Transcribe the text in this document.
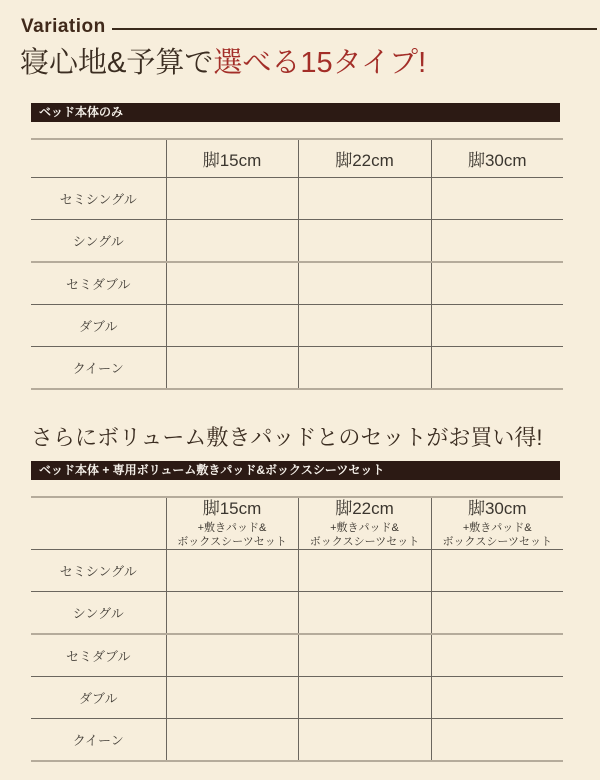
Variation
寝心地&予算で選べる15タイプ!
ベッド本体のみ
	脚15cm	脚22cm	脚30cm
セミシングル			
シングル			
セミダブル			
ダブル			
クイーン			
さらにボリューム敷きパッドとのセットがお買い得!
ベッド本体 + 専用ボリューム敷きパッド&ボックスシーツセット

	脚15cm
+敷きパッド&
ボックスシーツセット	脚22cm
+敷きパッド&
ボックスシーツセット	脚30cm
+敷きパッド&
ボックスシーツセット

セミシングル			
シングル			
セミダブル			
ダブル			
クイーン			
